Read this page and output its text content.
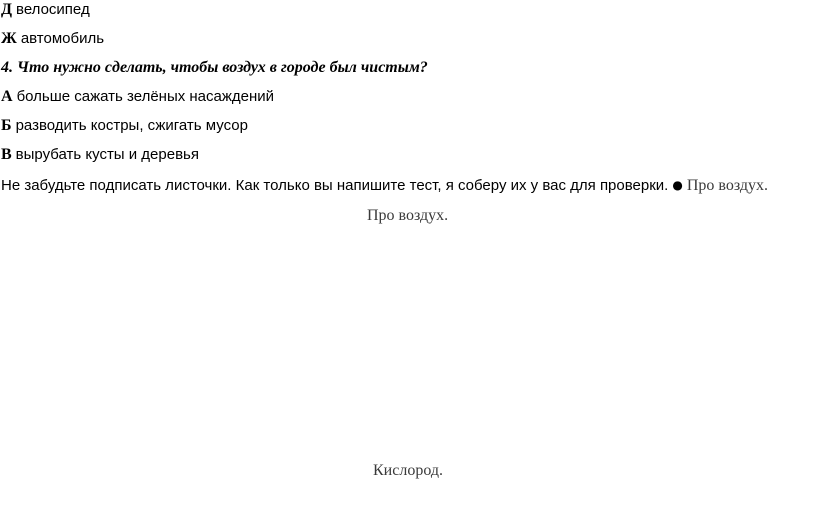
Д велосипед
Ж автомобиль
4. Что нужно сделать, чтобы воздух в городе был чистым?
А больше сажать зелёных насаждений
Б разводить костры, сжигать мусор
В вырубать кусты и деревья
Не забудьте подписать листочки. Как только вы напишите тест, я соберу их у вас для проверки. ● Про воздух.
Про воздух.
Кислород.
